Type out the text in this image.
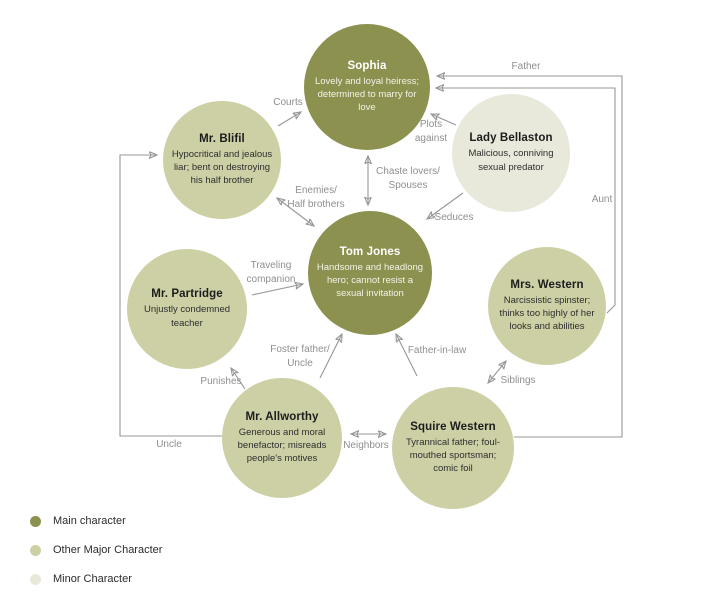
Sophia
Lovely and loyal heiress; determined to marry for love
Mr. Blifil
Hypocritical and jealous liar; bent on destroying his half brother
Lady Bellaston
Malicious, conniving sexual predator
Tom Jones
Handsome and headlong hero; cannot resist a sexual invitation
Mr. Partridge
Unjustly condemned teacher
Mrs. Western
Narcissistic spinster; thinks too highly of her looks and abilities
Mr. Allworthy
Generous and moral benefactor; misreads people's motives
Squire Western
Tyrannical father; foul-mouthed sportsman; comic foil
Courts
Plots
against
Chaste lovers/
Spouses
Enemies/
Half brothers
Seduces
Aunt
Father
Traveling
companion
Foster father/
Uncle
Father-in-law
Siblings
Punishes
Neighbors
Uncle
Main character
Other Major Character
Minor Character
